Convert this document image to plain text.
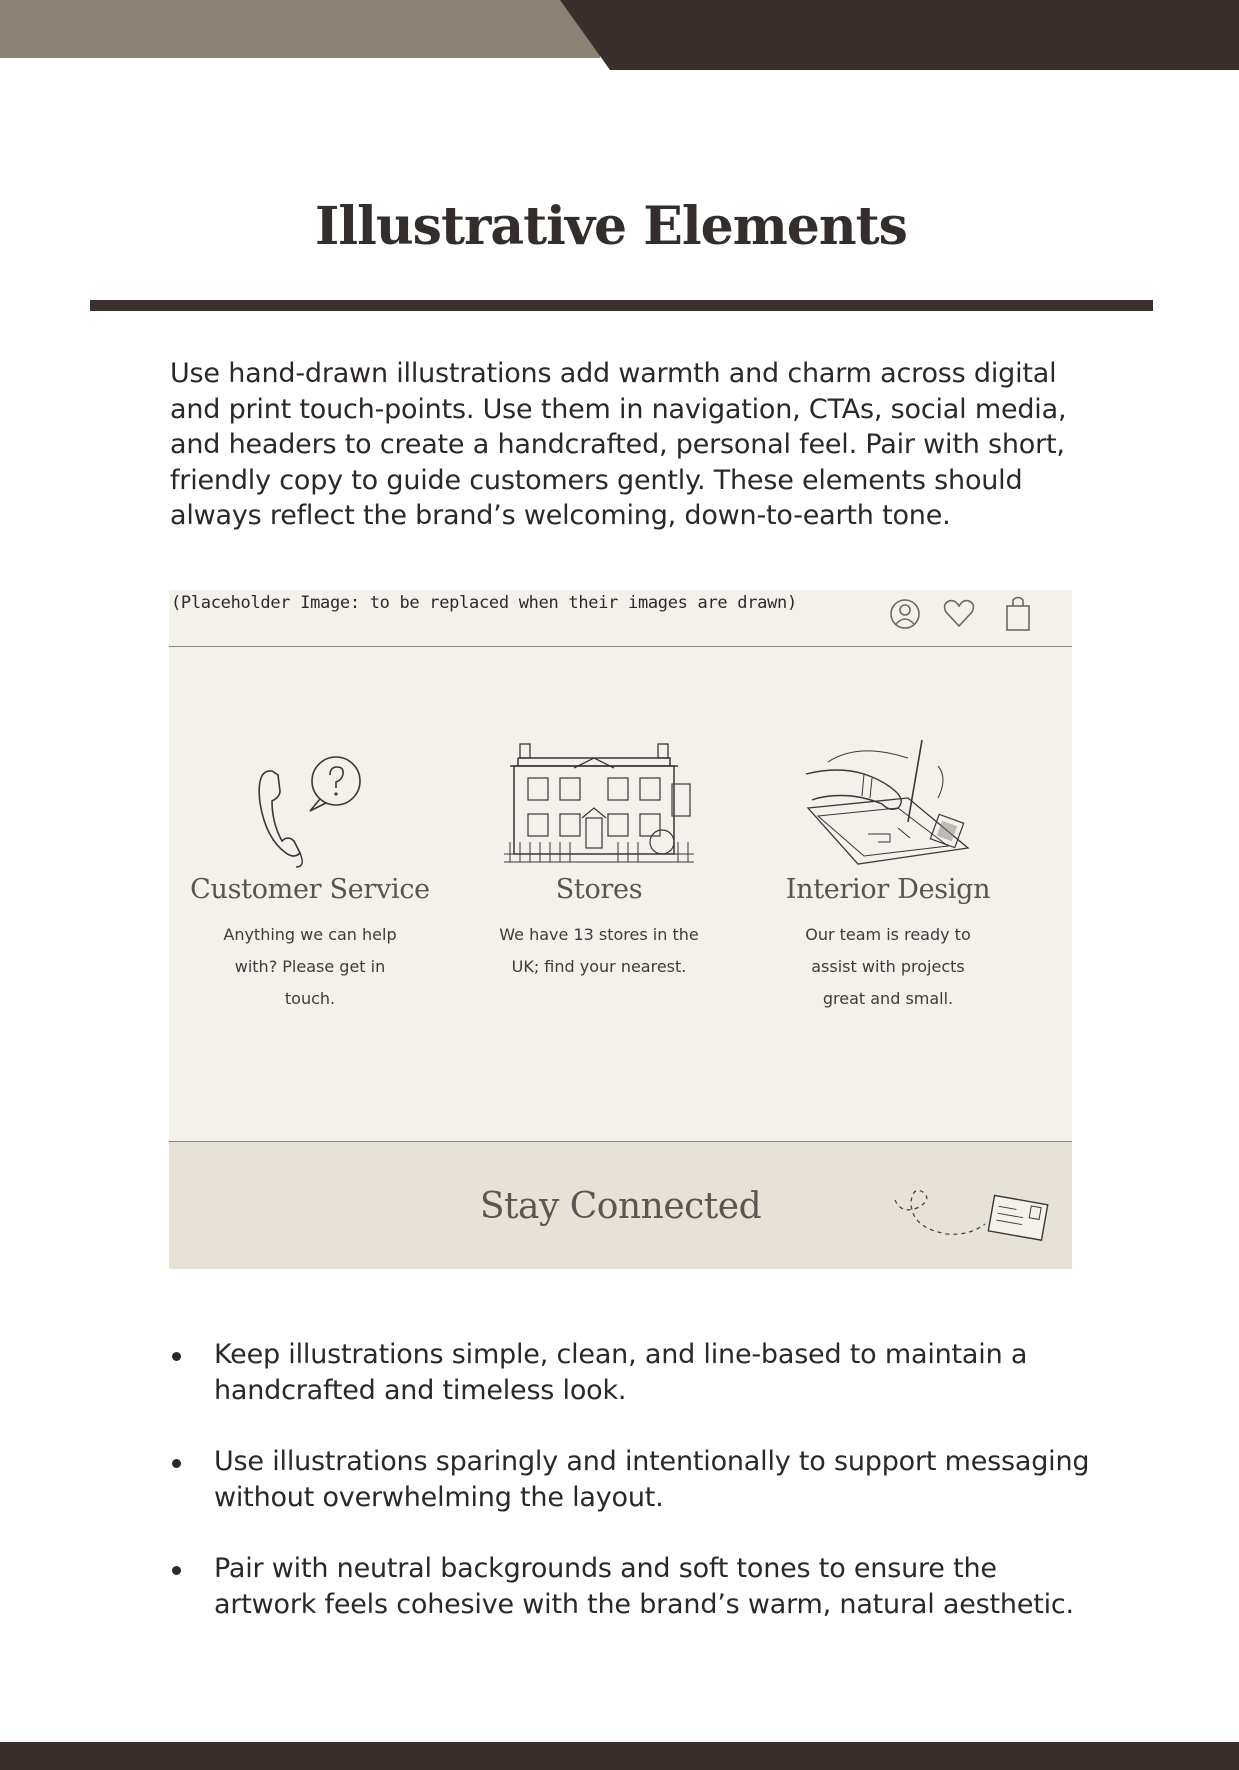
Illustrative Elements

Use hand-drawn illustrations add warmth and charm across digital and print touch-points. Use them in navigation, CTAs, social media, and headers to create a handcrafted, personal feel. Pair with short, friendly copy to guide customers gently. These elements should always reflect the brand’s welcoming, down-to-earth tone.

(Placeholder Image: to be replaced when their images are drawn)
Customer Service
Anything we can help with? Please get in touch.
Stores
We have 13 stores in the UK; find your nearest.
Interior Design
Our team is ready to assist with projects great and small.
Stay Connected
Keep illustrations simple, clean, and line-based to maintain a handcrafted and timeless look.
Use illustrations sparingly and intentionally to support messaging without overwhelming the layout.
Pair with neutral backgrounds and soft tones to ensure the artwork feels cohesive with the brand’s warm, natural aesthetic.
